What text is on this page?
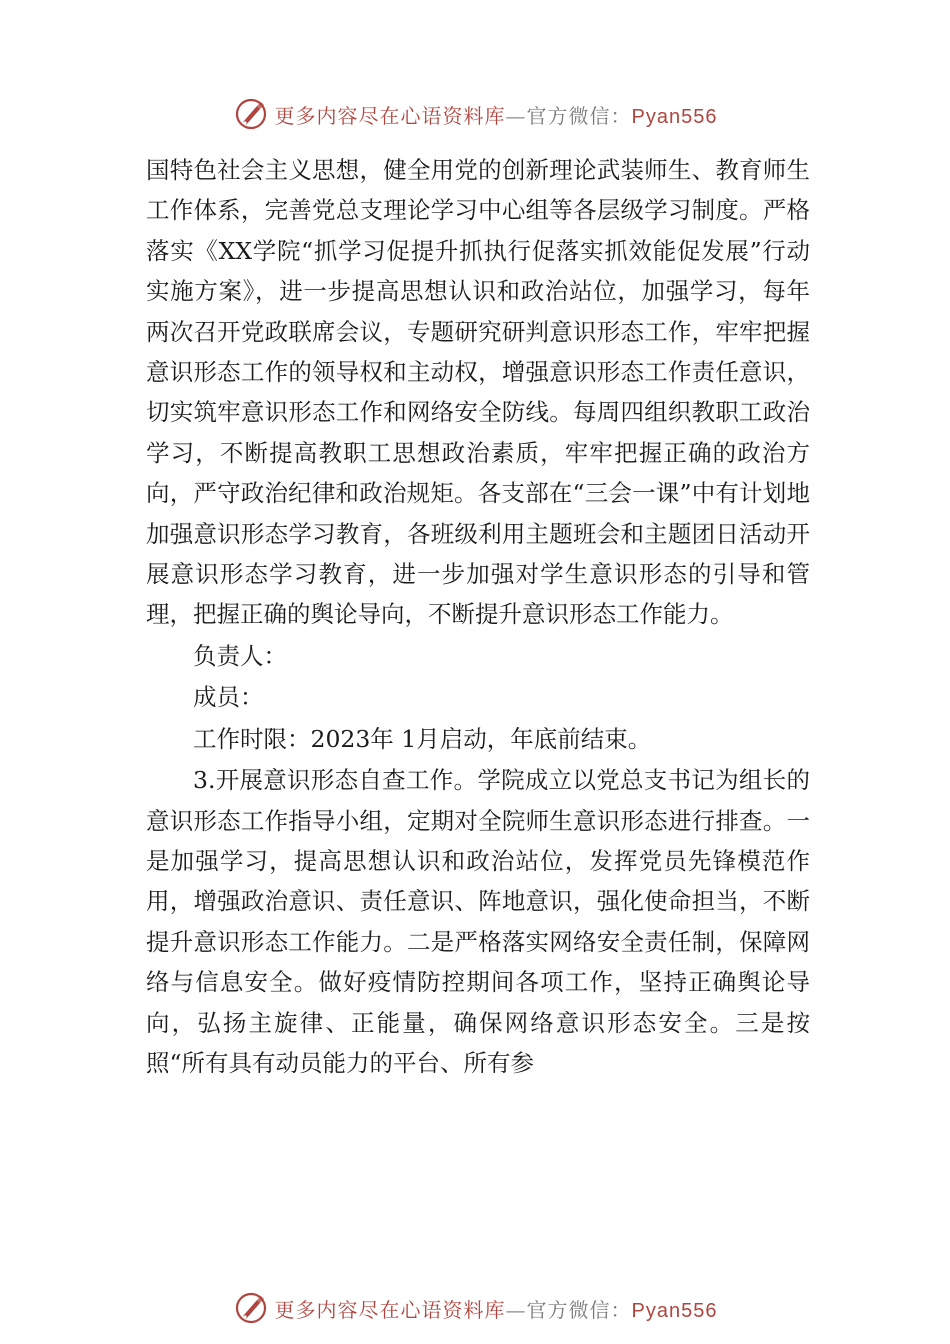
更多内容尽在心语资料库—官方微信：Pyan556

国特色社会主义思想，健全用党的创新理论武装师生、教育师生工作体系，完善党总支理论学习中心组等各层级学习制度。严格落实《XX学院“抓学习促提升抓执行促落实抓效能促发展”行动实施方案》，进一步提高思想认识和政治站位，加强学习，每年两次召开党政联席会议，专题研究研判意识形态工作，牢牢把握意识形态工作的领导权和主动权，增强意识形态工作责任意识，切实筑牢意识形态工作和网络安全防线。每周四组织教职工政治学习，不断提高教职工思想政治素质，牢牢把握正确的政治方向，严守政治纪律和政治规矩。各支部在“三会一课”中有计划地加强意识形态学习教育，各班级利用主题班会和主题团日活动开展意识形态学习教育，进一步加强对学生意识形态的引导和管理，把握正确的舆论导向，不断提升意识形态工作能力。

负责人：

成员：

工作时限：2023年 1月启动，年底前结束。

3.开展意识形态自查工作。学院成立以党总支书记为组长的意识形态工作指导小组，定期对全院师生意识形态进行排查。一是加强学习，提高思想认识和政治站位，发挥党员先锋模范作用，增强政治意识、责任意识、阵地意识，强化使命担当，不断提升意识形态工作能力。二是严格落实网络安全责任制，保障网络与信息安全。做好疫情防控期间各项工作，坚持正确舆论导向，弘扬主旋律、正能量，确保网络意识形态安全。三是按照“所有具有动员能力的平台、所有参

更多内容尽在心语资料库—官方微信：Pyan556
